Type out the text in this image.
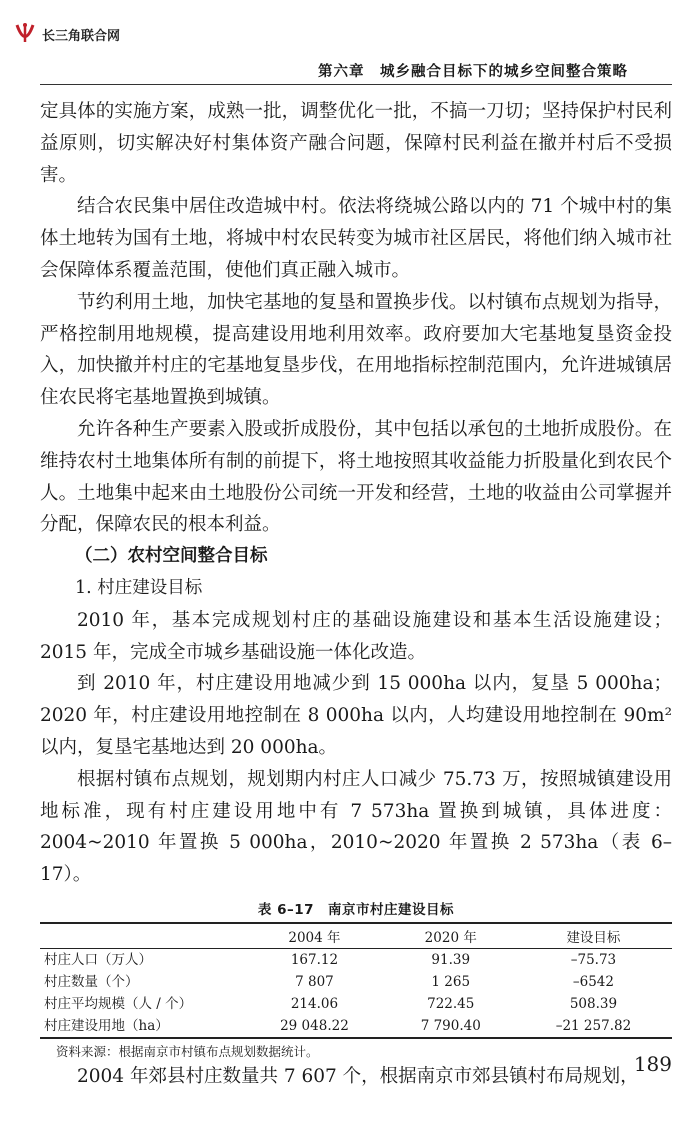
长三角联合网
第六章　城乡融合目标下的城乡空间整合策略

定具体的实施方案，成熟一批，调整优化一批，不搞一刀切；坚持保护村民利益原则，切实解决好村集体资产融合问题，保障村民利益在撤并村后不受损害。

结合农民集中居住改造城中村。依法将绕城公路以内的 71 个城中村的集体土地转为国有土地，将城中村农民转变为城市社区居民，将他们纳入城市社会保障体系覆盖范围，使他们真正融入城市。

节约利用土地，加快宅基地的复垦和置换步伐。以村镇布点规划为指导，严格控制用地规模，提高建设用地利用效率。政府要加大宅基地复垦资金投入，加快撤并村庄的宅基地复垦步伐，在用地指标控制范围内，允许进城镇居住农民将宅基地置换到城镇。

允许各种生产要素入股或折成股份，其中包括以承包的土地折成股份。在维持农村土地集体所有制的前提下，将土地按照其收益能力折股量化到农民个人。土地集中起来由土地股份公司统一开发和经营，土地的收益由公司掌握并分配，保障农民的根本利益。

（二）农村空间整合目标

1. 村庄建设目标

2010 年，基本完成规划村庄的基础设施建设和基本生活设施建设；2015 年，完成全市城乡基础设施一体化改造。

到 2010 年，村庄建设用地减少到 15 000ha 以内，复垦 5 000ha；2020 年，村庄建设用地控制在 8 000ha 以内，人均建设用地控制在 90m² 以内，复垦宅基地达到 20 000ha。

根据村镇布点规划，规划期内村庄人口减少 75.73 万，按照城镇建设用地标准，现有村庄建设用地中有 7 573ha 置换到城镇，具体进度：2004~2010 年置换 5 000ha，2010~2020 年置换 2 573ha（表 6–17）。

表 6–17　南京市村庄建设目标
	2004 年	2020 年	建设目标
村庄人口（万人）	167.12	91.39	–75.73
村庄数量（个）	7 807	1 265	–6542
村庄平均规模（人 / 个）	214.06	722.45	508.39
村庄建设用地（ha）	29 048.22	7 790.40	–21 257.82

资料来源：根据南京市村镇布点规划数据统计。

2004 年郊县村庄数量共 7 607 个，根据南京市郊县镇村布局规划，

189
